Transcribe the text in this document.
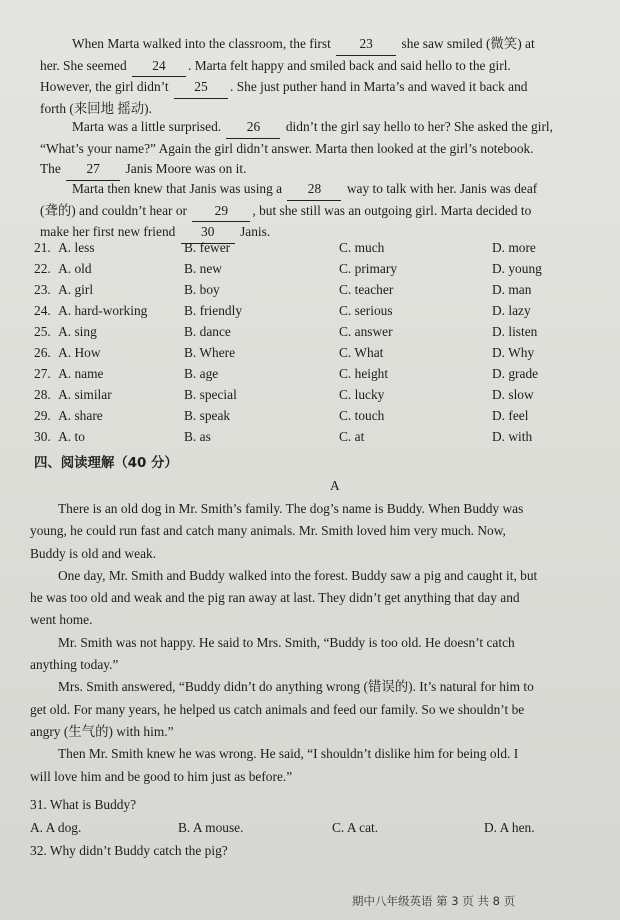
When Marta walked into the classroom, the first 23 she saw smiled (微笑) at
her. She seemed 24 . Marta felt happy and smiled back and said hello to the girl.
However, the girl didn’t 25 . She just puther hand in Marta’s and waved it back and
forth (来回地 摇动).

Marta was a little surprised. 26 didn’t the girl say hello to her? She asked the girl,
“What’s your name?” Again the girl didn’t answer. Marta then looked at the girl’s notebook.
The 27 Janis Moore was on it.

Marta then knew that Janis was using a 28 way to talk with her. Janis was deaf
(聋的) and couldn’t hear or 29 , but she still was an outgoing girl. Marta decided to
make her first new friend 30 Janis.

21. A. less	B. fewer	C. much	D. more
22. A. old	B. new	C. primary	D. young
23. A. girl	B. boy	C. teacher	D. man
24. A. hard-working	B. friendly	C. serious	D. lazy
25. A. sing	B. dance	C. answer	D. listen
26. A. How	B. Where	C. What	D. Why
27. A. name	B. age	C. height	D. grade
28. A. similar	B. special	C. lucky	D. slow
29. A. share	B. speak	C. touch	D. feel
30. A. to	B. as	C. at	D. with
四、阅读理解（40 分）
A
There is an old dog in Mr. Smith’s family. The dog’s name is Buddy. When Buddy was
young, he could run fast and catch many animals. Mr. Smith loved him very much. Now,
Buddy is old and weak.
One day, Mr. Smith and Buddy walked into the forest. Buddy saw a pig and caught it, but
he was too old and weak and the pig ran away at last. They didn’t get anything that day and
went home.
Mr. Smith was not happy. He said to Mrs. Smith, “Buddy is too old. He doesn’t catch
anything today.”
Mrs. Smith answered, “Buddy didn’t do anything wrong (错误的). It’s natural for him to
get old. For many years, he helped us catch animals and feed our family. So we shouldn’t be
angry (生气的) with him.”
Then Mr. Smith knew he was wrong. He said, “I shouldn’t dislike him for being old. I
will love him and be good to him just as before.”
31. What is Buddy?
A. A dog.	B. A mouse.	C. A cat.	D. A hen.
32. Why didn’t Buddy catch the pig?
期中八年级英语 第 3 页 共 8 页
